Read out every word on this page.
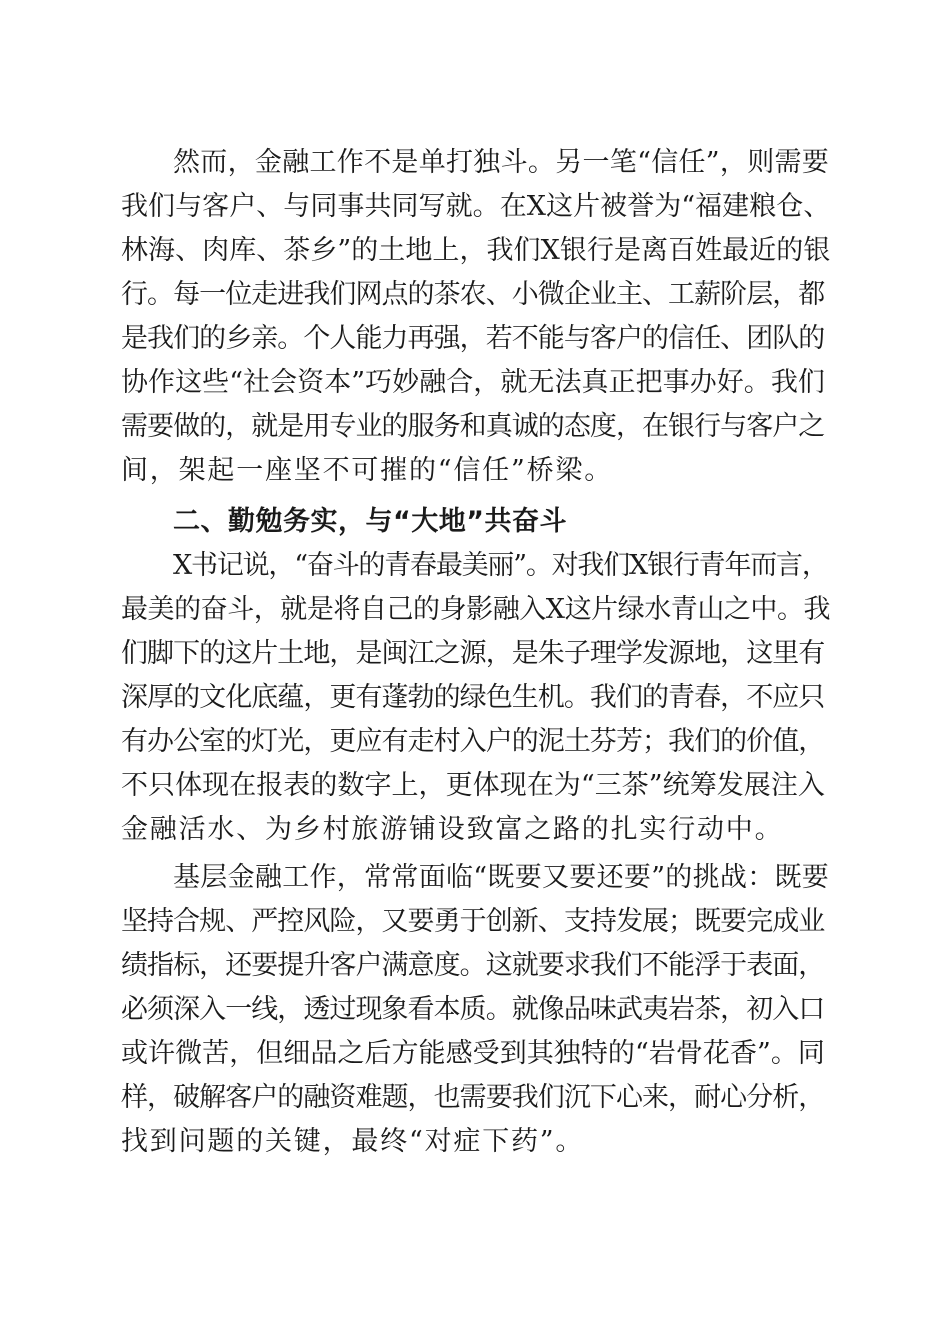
然而，金融工作不是单打独斗。另一笔“信任”，则需要
我们与客户、与同事共同写就。在X这片被誉为“福建粮仓、
林海、肉库、茶乡”的土地上，我们X银行是离百姓最近的银
行。每一位走进我们网点的茶农、小微企业主、工薪阶层，都
是我们的乡亲。个人能力再强，若不能与客户的信任、团队的
协作这些“社会资本”巧妙融合，就无法真正把事办好。我们
需要做的，就是用专业的服务和真诚的态度，在银行与客户之
间，架起一座坚不可摧的“信任”桥梁。
二、勤勉务实，与“大地”共奋斗
X书记说，“奋斗的青春最美丽”。对我们X银行青年而言，
最美的奋斗，就是将自己的身影融入X这片绿水青山之中。我
们脚下的这片土地，是闽江之源，是朱子理学发源地，这里有
深厚的文化底蕴，更有蓬勃的绿色生机。我们的青春，不应只
有办公室的灯光，更应有走村入户的泥土芬芳；我们的价值，
不只体现在报表的数字上，更体现在为“三茶”统筹发展注入
金融活水、为乡村旅游铺设致富之路的扎实行动中。
基层金融工作，常常面临“既要又要还要”的挑战：既要
坚持合规、严控风险，又要勇于创新、支持发展；既要完成业
绩指标，还要提升客户满意度。这就要求我们不能浮于表面，
必须深入一线，透过现象看本质。就像品味武夷岩茶，初入口
或许微苦，但细品之后方能感受到其独特的“岩骨花香”。同
样，破解客户的融资难题，也需要我们沉下心来，耐心分析，
找到问题的关键，最终“对症下药”。
